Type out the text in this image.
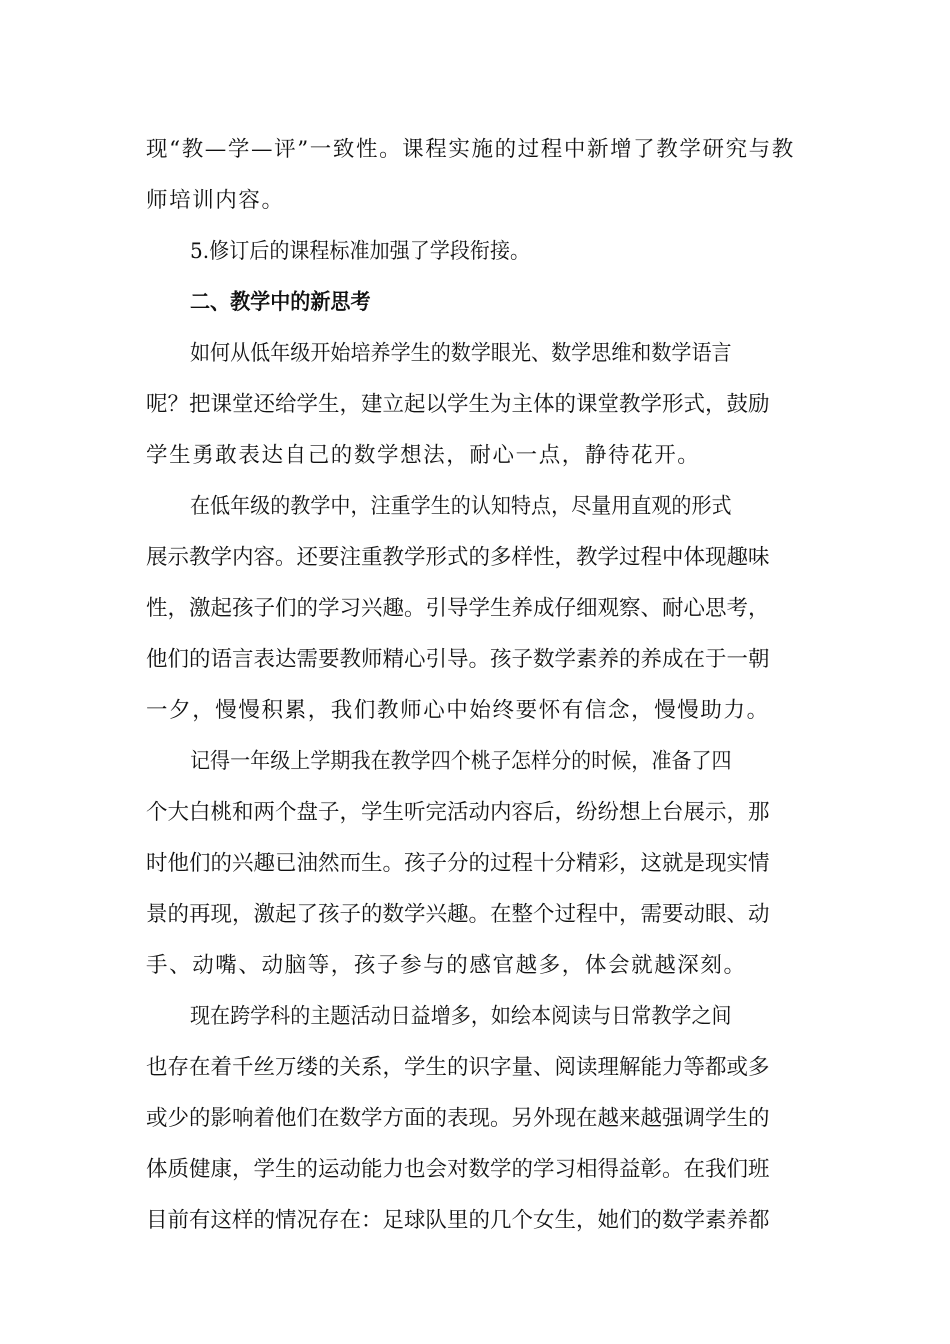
现“教—学—评”一致性。课程实施的过程中新增了教学研究与教
师培训内容。
5.修订后的课程标准加强了学段衔接。
二、教学中的新思考
如何从低年级开始培养学生的数学眼光、数学思维和数学语言
呢？把课堂还给学生，建立起以学生为主体的课堂教学形式，鼓励
学生勇敢表达自己的数学想法，耐心一点，静待花开。
在低年级的教学中，注重学生的认知特点，尽量用直观的形式
展示教学内容。还要注重教学形式的多样性，教学过程中体现趣味
性，激起孩子们的学习兴趣。引导学生养成仔细观察、耐心思考，
他们的语言表达需要教师精心引导。孩子数学素养的养成在于一朝
一夕，慢慢积累，我们教师心中始终要怀有信念，慢慢助力。
记得一年级上学期我在教学四个桃子怎样分的时候，准备了四
个大白桃和两个盘子，学生听完活动内容后，纷纷想上台展示，那
时他们的兴趣已油然而生。孩子分的过程十分精彩，这就是现实情
景的再现，激起了孩子的数学兴趣。在整个过程中，需要动眼、动
手、动嘴、动脑等，孩子参与的感官越多，体会就越深刻。
现在跨学科的主题活动日益增多，如绘本阅读与日常教学之间
也存在着千丝万缕的关系，学生的识字量、阅读理解能力等都或多
或少的影响着他们在数学方面的表现。另外现在越来越强调学生的
体质健康，学生的运动能力也会对数学的学习相得益彰。在我们班
目前有这样的情况存在：足球队里的几个女生，她们的数学素养都
